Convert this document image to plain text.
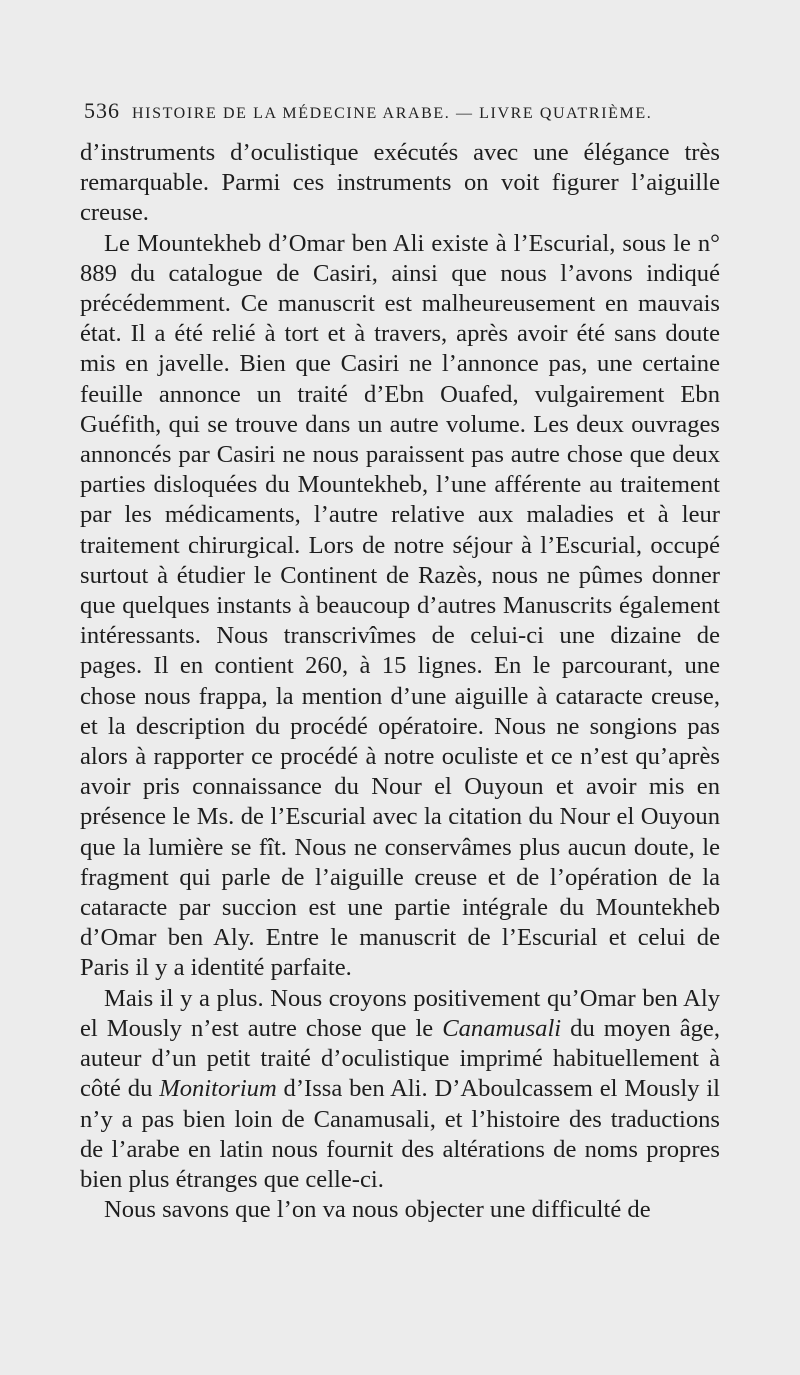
536 HISTOIRE DE LA MÉDECINE ARABE. — LIVRE QUATRIÈME.

d’instruments d’oculistique exécutés avec une élégance très remarquable. Parmi ces instruments on voit figurer l’aiguille creuse.

Le Mountekheb d’Omar ben Ali existe à l’Escurial, sous le n° 889 du catalogue de Casiri, ainsi que nous l’avons indiqué précédemment. Ce manuscrit est malheureusement en mauvais état. Il a été relié à tort et à travers, après avoir été sans doute mis en javelle. Bien que Casiri ne l’annonce pas, une certaine feuille annonce un traité d’Ebn Ouafed, vulgairement Ebn Guéfith, qui se trouve dans un autre volume. Les deux ouvrages annoncés par Casiri ne nous paraissent pas autre chose que deux parties disloquées du Mountekheb, l’une afférente au traitement par les médicaments, l’autre relative aux maladies et à leur traitement chirurgical. Lors de notre séjour à l’Escurial, occupé surtout à étudier le Continent de Razès, nous ne pûmes donner que quelques instants à beaucoup d’autres Manuscrits également intéressants. Nous transcrivîmes de celui-ci une dizaine de pages. Il en contient 260, à 15 lignes. En le parcourant, une chose nous frappa, la mention d’une aiguille à cataracte creuse, et la description du procédé opératoire. Nous ne songions pas alors à rapporter ce procédé à notre oculiste et ce n’est qu’après avoir pris connaissance du Nour el Ouyoun et avoir mis en présence le Ms. de l’Escurial avec la citation du Nour el Ouyoun que la lumière se fît. Nous ne conservâmes plus aucun doute, le fragment qui parle de l’aiguille creuse et de l’opération de la cataracte par succion est une partie intégrale du Mountekheb d’Omar ben Aly. Entre le manuscrit de l’Escurial et celui de Paris il y a identité parfaite.

Mais il y a plus. Nous croyons positivement qu’Omar ben Aly el Mously n’est autre chose que le Canamusali du moyen âge, auteur d’un petit traité d’oculistique imprimé habituellement à côté du Monitorium d’Issa ben Ali. D’Aboulcassem el Mously il n’y a pas bien loin de Canamusali, et l’histoire des traductions de l’arabe en latin nous fournit des altérations de noms propres bien plus étranges que celle-ci.

Nous savons que l’on va nous objecter une difficulté de
